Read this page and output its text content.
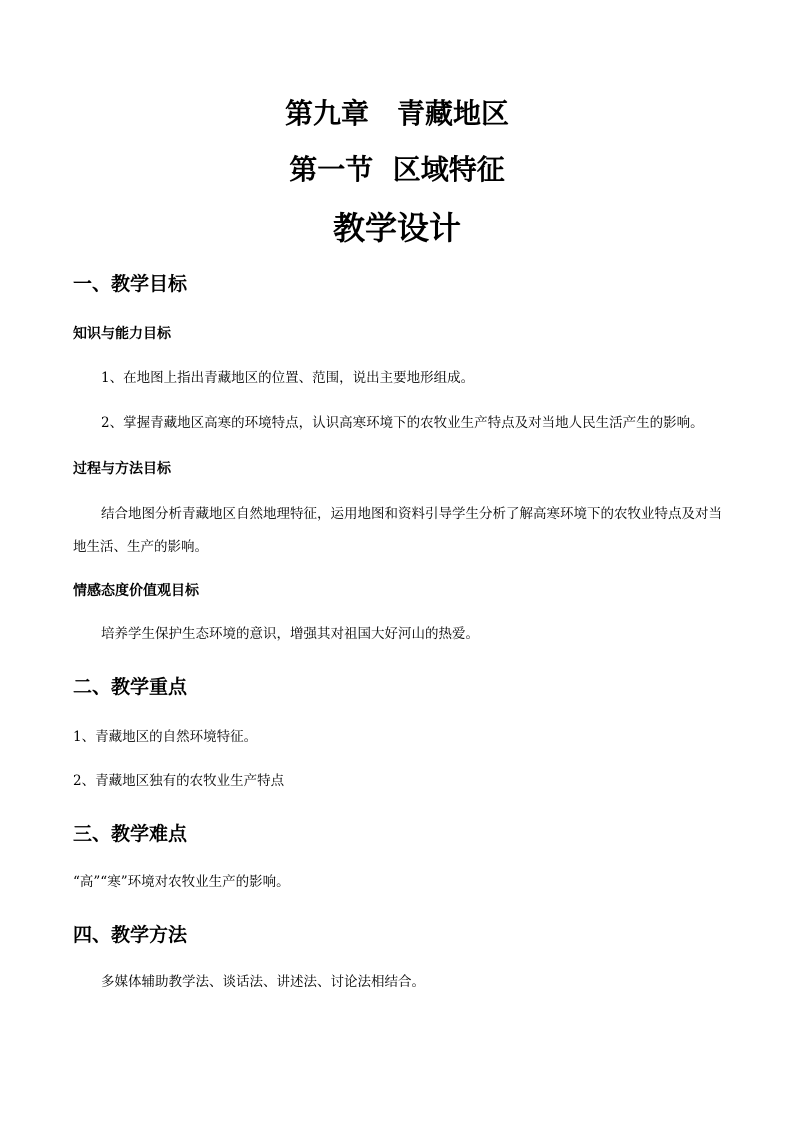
第九章　青藏地区
第一节  区域特征
教学设计
一、教学目标
知识与能力目标
1、在地图上指出青藏地区的位置、范围，说出主要地形组成。
2、掌握青藏地区高寒的环境特点，认识高寒环境下的农牧业生产特点及对当地人民生活产生的影响。
过程与方法目标
结合地图分析青藏地区自然地理特征，运用地图和资料引导学生分析了解高寒环境下的农牧业特点及对当地生活、生产的影响。
情感态度价值观目标
培养学生保护生态环境的意识，增强其对祖国大好河山的热爱。
二、教学重点
1、青藏地区的自然环境特征。
2、青藏地区独有的农牧业生产特点
三、教学难点
“高”“寒”环境对农牧业生产的影响。
四、教学方法
多媒体辅助教学法、谈话法、讲述法、讨论法相结合。
